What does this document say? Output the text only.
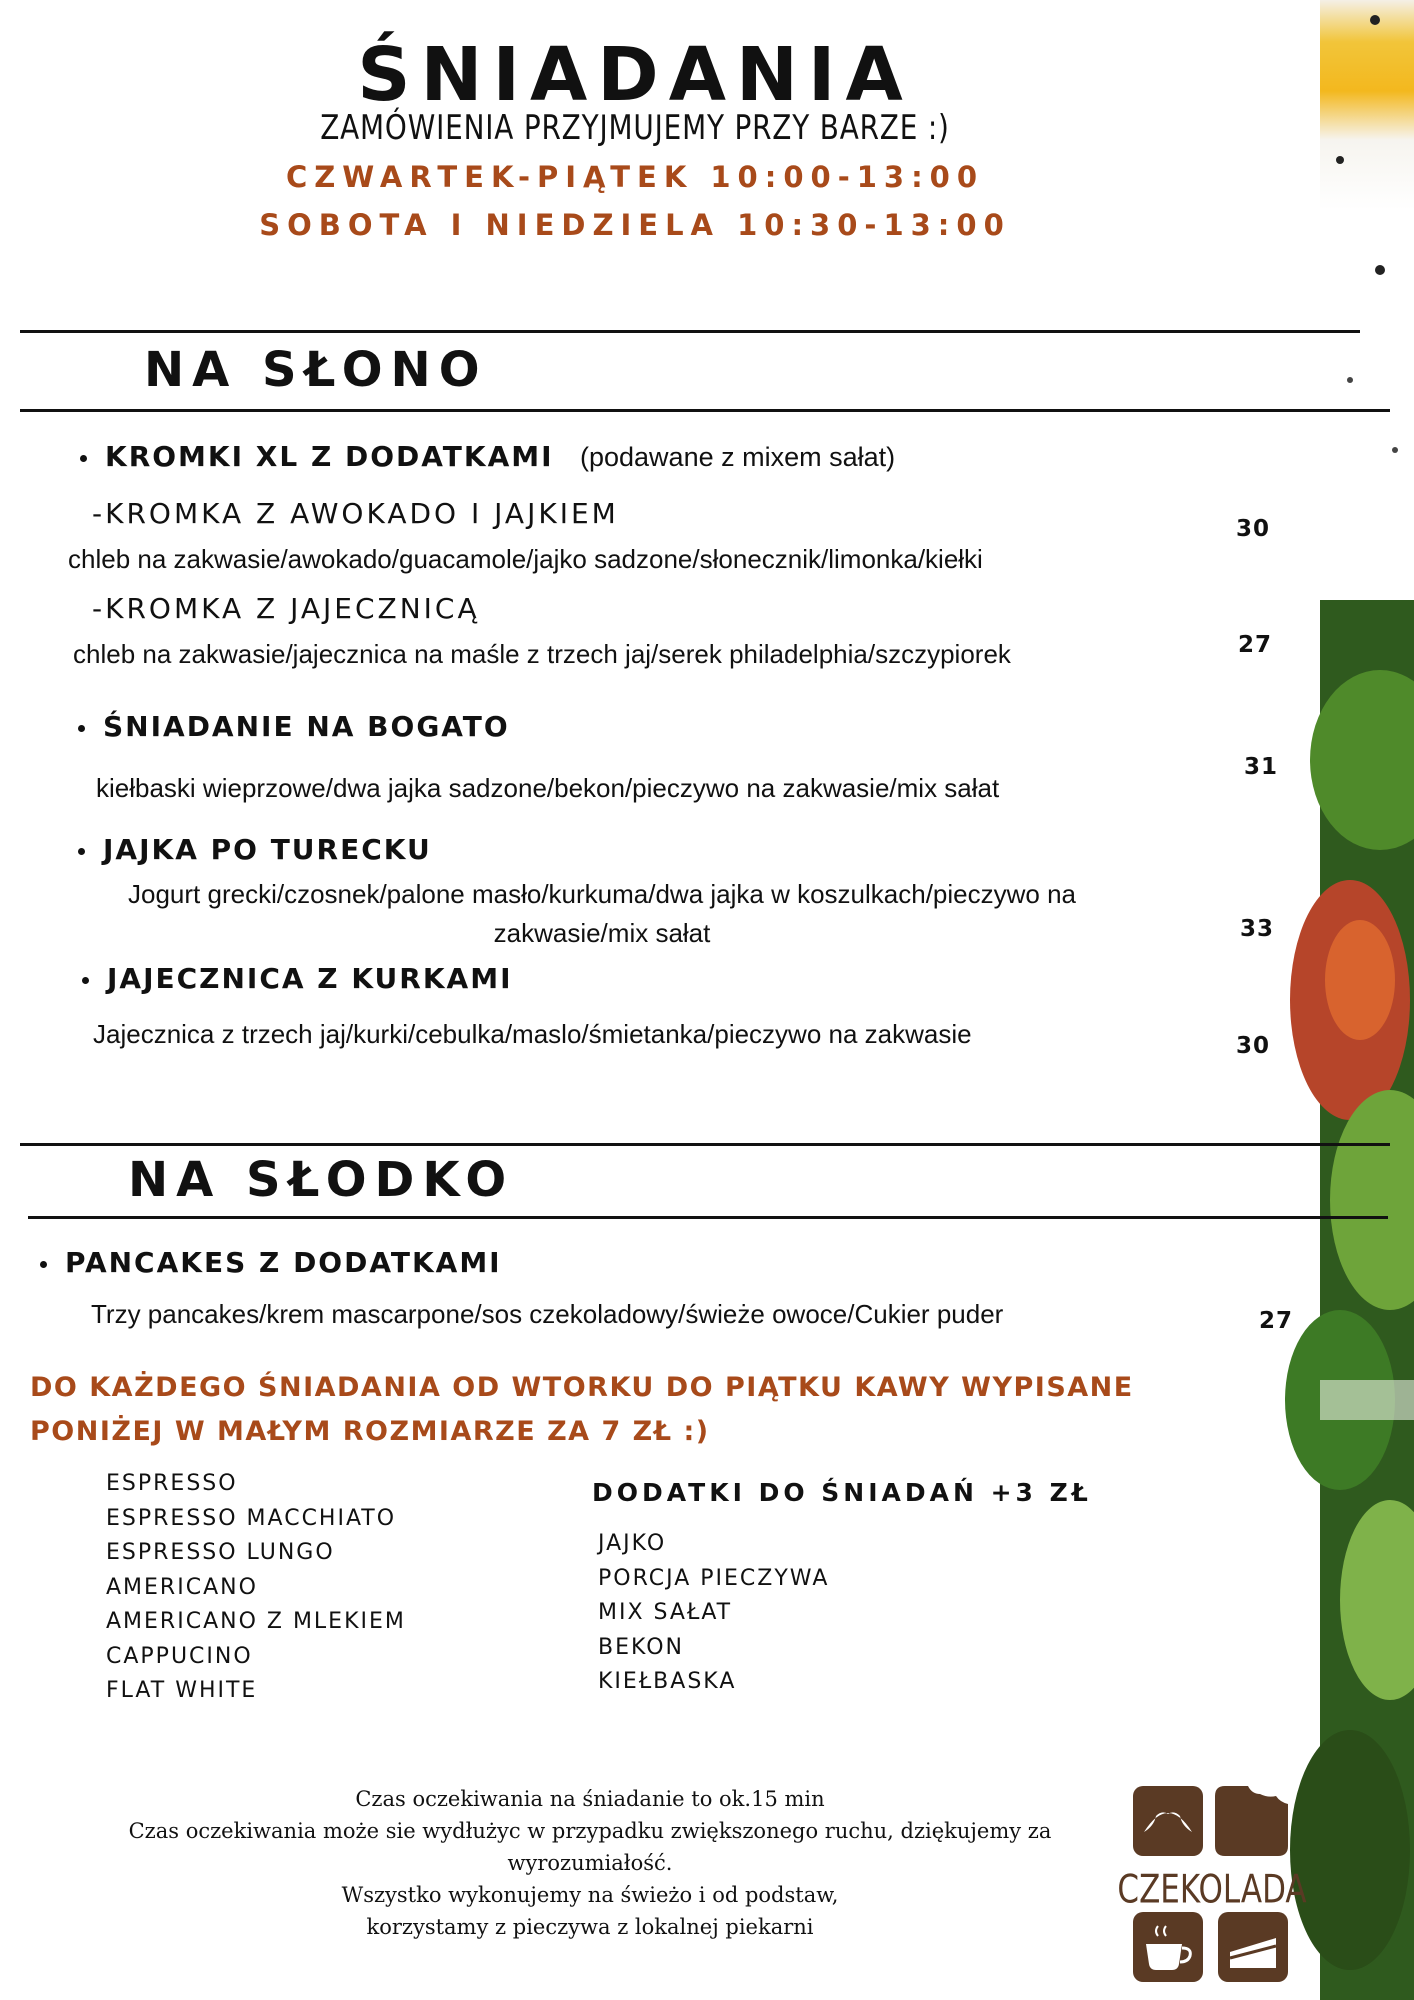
ŚNIADANIA
ZAMÓWIENIA PRZYJMUJEMY PRZY BARZE :)
CZWARTEK-PIĄTEK 10:00-13:00
SOBOTA I NIEDZIELA 10:30-13:00
NA SŁONO
KROMKI XL Z DODATKAMI (podawane z mixem sałat)
-KROMKA Z AWOKADO I JAJKIEM
chleb na zakwasie/awokado/guacamole/jajko sadzone/słonecznik/limonka/kiełki
30
-KROMKA Z JAJECZNICĄ
chleb na zakwasie/jajecznica na maśle z trzech jaj/serek philadelphia/szczypiorek	27
ŚNIADANIE NA BOGATO
kiełbaski wieprzowe/dwa jajka sadzone/bekon/pieczywo na zakwasie/mix sałat
31
JAJKA PO TURECKU
Jogurt grecki/czosnek/palone masło/kurkuma/dwa jajka w koszulkach/pieczywo na
zakwasie/mix sałat	33
JAJECZNICA Z KURKAMI
Jajecznica z trzech jaj/kurki/cebulka/maslo/śmietanka/pieczywo na zakwasie	30
NA SŁODKO
PANCAKES Z DODATKAMI
Trzy pancakes/krem mascarpone/sos czekoladowy/świeże owoce/Cukier puder	27
DO KAŻDEGO ŚNIADANIA OD WTORKU DO PIĄTKU KAWY WYPISANE
PONIŻEJ W MAŁYM ROZMIARZE ZA 7 ZŁ :)
ESPRESSO
ESPRESSO MACCHIATO
ESPRESSO LUNGO
AMERICANO
AMERICANO Z MLEKIEM
CAPPUCINO
FLAT WHITE
DODATKI DO ŚNIADAŃ +3 ZŁ
JAJKO
PORCJA PIECZYWA
MIX SAŁAT
BEKON
KIEŁBASKA
Czas oczekiwania na śniadanie to ok.15 min
Czas oczekiwania może sie wydłużyc w przypadku zwiększonego ruchu, dziękujemy za
wyrozumiałość.
Wszystko wykonujemy na świeżo i od podstaw,
korzystamy z pieczywa z lokalnej piekarni
CZEKOLADA
